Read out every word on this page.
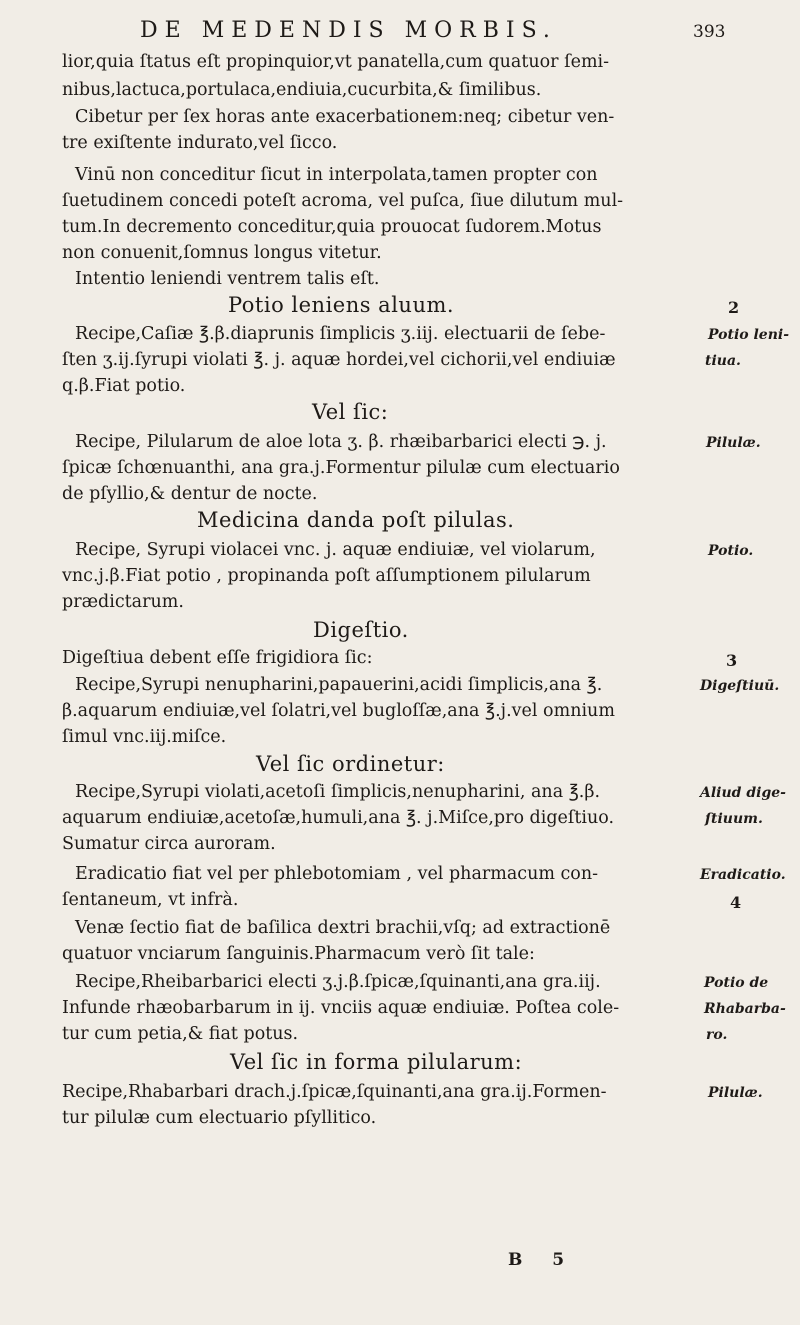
DE MEDENDIS MORBIS.	393
lior,quia ſtatus eſt propinquior,vt panatella,cum quatuor ſemi-
nibus,lactuca,portulaca,endiuia,cucurbita,& ſimilibus.
Cibetur per ſex horas ante exacerbationem:neq; cibetur ven-
tre exiſtente indurato,vel ſicco.
Vinū non conceditur ſicut in interpolata,tamen propter con
ſuetudinem concedi poteſt acroma, vel puſca, ſiue dilutum mul-
tum.In decremento conceditur,quia prouocat ſudorem.Motus
non conuenit,ſomnus longus vitetur.
Intentio leniendi ventrem talis eſt.
Potio leniens aluum.	2
Recipe,Caſiæ ℥.β.diaprunis ſimplicis ʒ.iij. electuarii de ſebe-	Potio leni-
ſten ʒ.ij.ſyrupi violati ℥. j. aquæ hordei,vel cichorii,vel endiuiæ	tiua.
q.β.Fiat potio.
Vel ſic:
Recipe, Pilularum de aloe lota ʒ. β. rhæibarbarici electi ℈. j.	Pilulæ.
ſpicæ ſchœnuanthi, ana gra.j.Formentur pilulæ cum electuario
de pſyllio,& dentur de nocte.
Medicina danda poſt pilulas.
Recipe, Syrupi violacei vnc. j. aquæ endiuiæ, vel violarum,	Potio.
vnc.j.β.Fiat potio , propinanda poſt aſſumptionem pilularum
prædictarum.
Digeſtio.
Digeſtiua debent eſſe frigidiora ſic:	3
Recipe,Syrupi nenupharini,papauerini,acidi ſimplicis,ana ℥.	Digeſtiuū.
β.aquarum endiuiæ,vel ſolatri,vel bugloſſæ,ana ℥.j.vel omnium
ſimul vnc.iij.miſce.
Vel ſic ordinetur:
Recipe,Syrupi violati,acetoſi ſimplicis,nenupharini, ana ℥.β.	Aliud dige-
aquarum endiuiæ,acetoſæ,humuli,ana ℥. j.Miſce,pro digeſtiuo.	ſtiuum.
Sumatur circa auroram.
Eradicatio fiat vel per phlebotomiam , vel pharmacum con-	Eradicatio.
ſentaneum, vt infrà.	4
Venæ ſectio fiat de baſilica dextri brachii,vſq; ad extractionē
quatuor vnciarum ſanguinis.Pharmacum verò ſit tale:
Recipe,Rheibarbarici electi ʒ.j.β.ſpicæ,ſquinanti,ana gra.iij.	Potio de
Infunde rhæobarbarum in ij. vnciis aquæ endiuiæ. Poſtea cole-	Rhabarba-
tur cum petia,& fiat potus.	ro.
Vel ſic in forma pilularum:
Recipe,Rhabarbari drach.j.ſpicæ,ſquinanti,ana gra.ij.Formen-	Pilulæ.
tur pilulæ cum electuario pſyllitico.
B 5
